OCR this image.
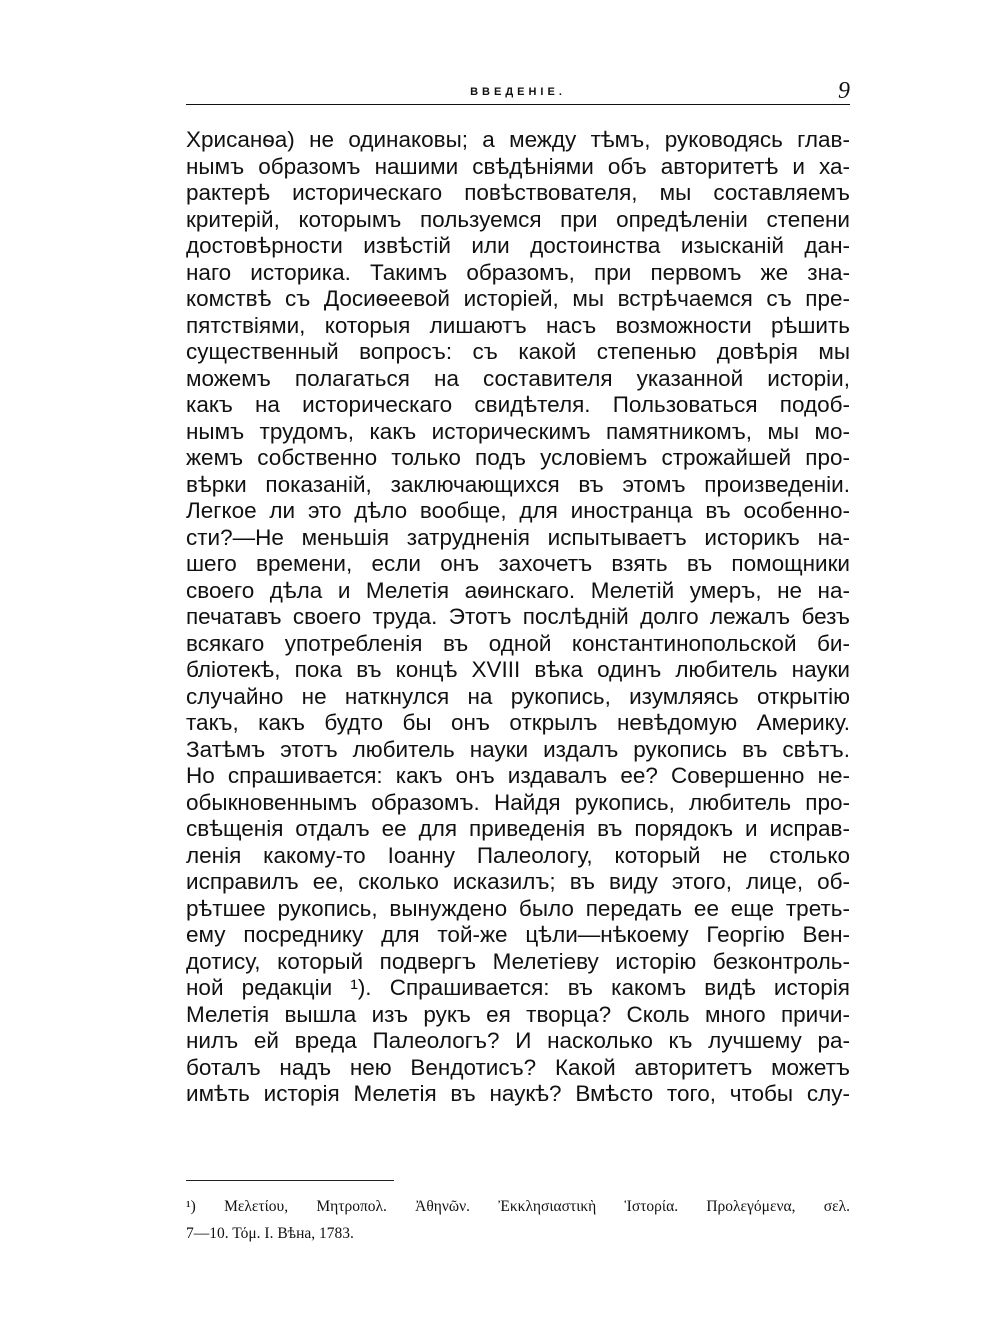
ВВЕДЕНІЕ.	9
Хрисанѳа) не одинаковы; а между тѣмъ, руководясь глав-
нымъ образомъ нашими свѣдѣніями объ авторитетѣ и ха-
рактерѣ историческаго повѣствователя, мы составляемъ
критерій, которымъ пользуемся при опредѣленіи степени
достовѣрности извѣстій или достоинства изысканій дан-
наго историка. Такимъ образомъ, при первомъ же зна-
комствѣ съ Досиѳеевой исторіей, мы встрѣчаемся съ пре-
пятствіями, которыя лишаютъ насъ возможности рѣшить
существенный вопросъ: съ какой степенью довѣрія мы
можемъ полагаться на составителя указанной исторіи,
какъ на историческаго свидѣтеля. Пользоваться подоб-
нымъ трудомъ, какъ историческимъ памятникомъ, мы мо-
жемъ собственно только подъ условіемъ строжайшей про-
вѣрки показаній, заключающихся въ этомъ произведеніи.
Легкое ли это дѣло вообще, для иностранца въ особенно-
сти?—Не меньшія затрудненія испытываетъ историкъ на-
шего времени, если онъ захочетъ взять въ помощники
своего дѣла и Мелетія аѳинскаго. Мелетій умеръ, не на-
печатавъ своего труда. Этотъ послѣдній долго лежалъ безъ
всякаго употребленія въ одной константинопольской би-
бліотекѣ, пока въ концѣ XVIII вѣка одинъ любитель науки
случайно не наткнулся на рукопись, изумляясь открытію
такъ, какъ будто бы онъ открылъ невѣдомую Америку.
Затѣмъ этотъ любитель науки издалъ рукопись въ свѣтъ.
Но спрашивается: какъ онъ издавалъ ее? Совершенно не-
обыкновеннымъ образомъ. Найдя рукопись, любитель про-
свѣщенія отдалъ ее для приведенія въ порядокъ и исправ-
ленія какому-то Іоанну Палеологу, который не столько
исправилъ ее, сколько исказилъ; въ виду этого, лице, об-
рѣтшее рукопись, вынуждено было передать ее еще треть-
ему посреднику для той-же цѣли—нѣкоему Георгію Вен-
дотису, который подвергъ Мелетіеву исторію безконтроль-
ной редакціи ¹). Спрашивается: въ какомъ видѣ исторія
Мелетія вышла изъ рукъ ея творца? Сколь много причи-
нилъ ей вреда Палеологъ? И насколько къ лучшему ра-
боталъ надъ нею Вендотисъ? Какой авторитетъ можетъ
имѣть исторія Мелетія въ наукѣ? Вмѣсто того, чтобы слу-
¹) Μελετίου, Μητροπολ. Ἀθηνῶν. Ἐκκλησιαστικὴ Ἱστορία. Προλεγόμενα, σελ.
7—10. Τόμ. I. Βѣна, 1783.
